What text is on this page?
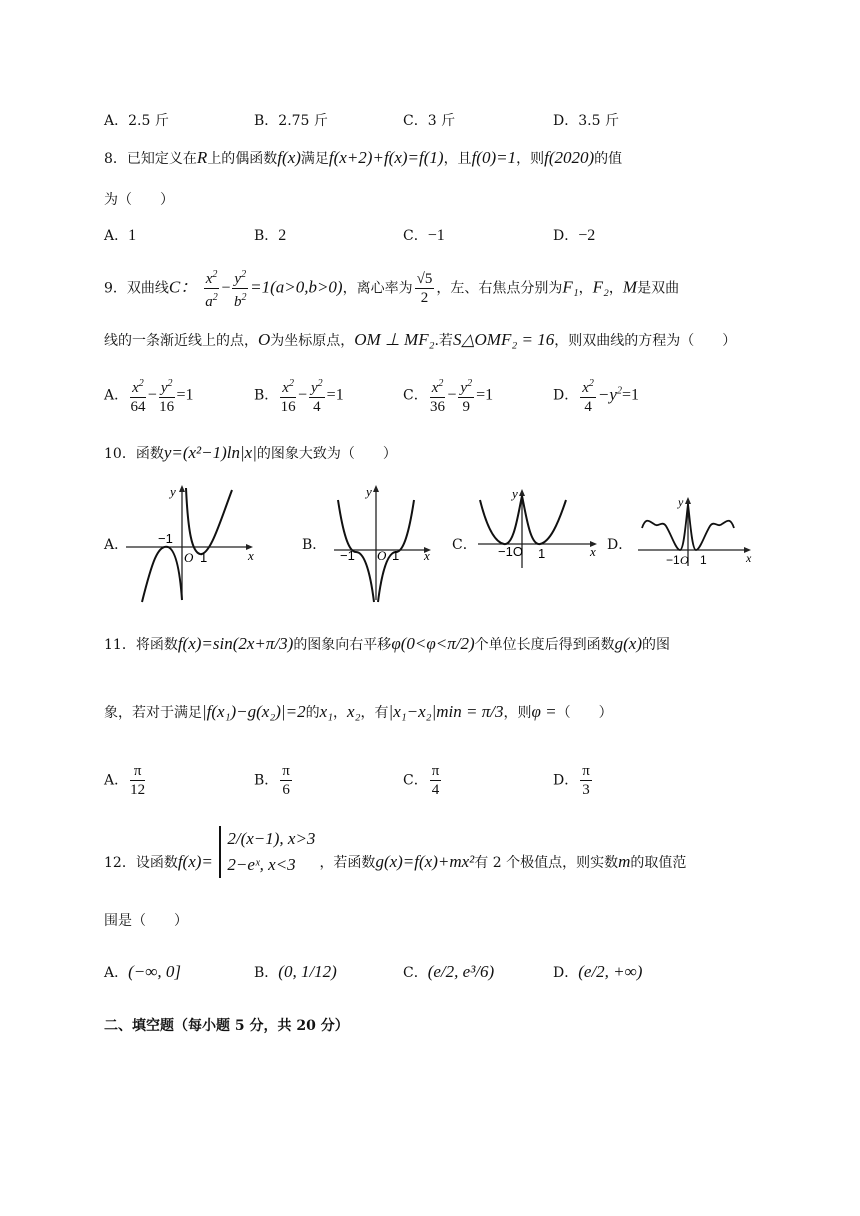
A．2.5 斤	B．2.75 斤	C．3 斤	D．3.5 斤
8．已知定义在R上的偶函数f(x)满足f(x+2)+f(x)=f(1)，且f(0)=1，则f(2020)的值
为（　　）
A．1	B．2	C．−1	D．−2
9．双曲线C： $\frac{x^2}{a^2} - \frac{y^2}{b^2} =1(a>0,b>0)$，离心率为 $\frac{√5}{2}$ ，左、右焦点分别为F₁，F₂，M是双曲
线的一条渐近线上的点，O为坐标原点，OM ⊥ MF₂.若S△OMF₂ = 16，则双曲线的方程为（　　）
A． $\frac{x^2}{64} - \frac{y^2}{16} =1$	B． $\frac{x^2}{16} - \frac{y^2}{4} =1$	C． $\frac{x^2}{36} - \frac{y^2}{9} =1$	D． $\frac{x^2}{4} -y^2=1$
10．函数y=(x²−1)ln|x|的图象大致为（　　）
A． −1
O 1	x
y
B．
−1 O 1 x
y
C． −1O 1	x
y
D．
−1 O 1	x
y
11．将函数f(x)=sin(2x+π/3)的图象向右平移φ(0<φ<π/2)个单位长度后得到函数g(x)的图
象，若对于满足|f(x₁)−g(x₂)|=2的x₁，x₂，有|x₁−x₂|min = π/3，则φ =（　　）
A． $\frac{\pi}{12}$	B． $\frac{\pi}{6}$	C． $\frac{\pi}{4}$	D． $\frac{\pi}{3}$
12．设函数f(x)=
2/(x−1), x>3
2−eˣ, x<3	，若函数g(x)=f(x)+mx²有 2 个极值点，则实数m的取值范
围是（　　）
A．(−∞, 0]	B．(0, 1/12)	C．(e/2, e³/6)	D．(e/2, +∞)
二、填空题（每小题 5 分，共 20 分）
